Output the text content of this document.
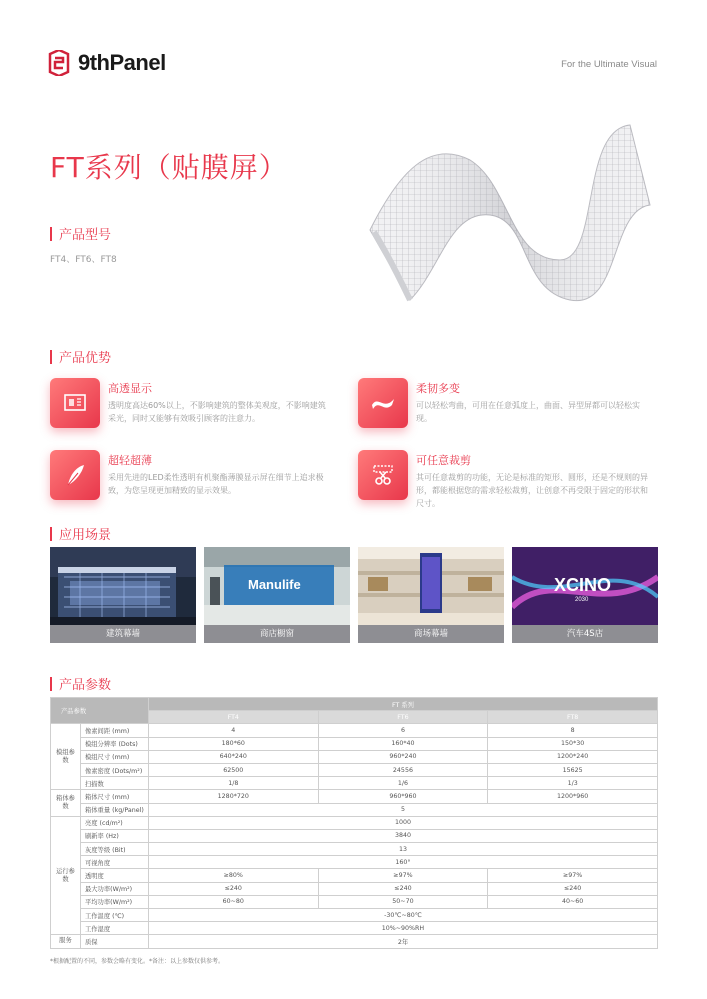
9thPanel	For the Ultimate Visual
FT系列（贴膜屏）
产品型号
FT4、FT6、FT8
产品优势
高透显示
透明度高达60%以上，不影响建筑的整体美观度，不影响建筑
采光，同时又能够有效吸引顾客的注意力。
柔韧多变
可以轻松弯曲，可用在任意弧度上，曲面、异型屏都可以轻松实
现。
超轻超薄
采用先进的LED柔性透明有机聚酯薄膜显示屏在细节上追求极
致，为您呈现更加精致的显示效果。
可任意裁剪
其可任意裁剪的功能，无论是标准的矩形、圆形，还是不规则的异
形，都能根据您的需求轻松裁剪，让创意不再受限于固定的形状和
尺寸。
应用场景
建筑幕墙
Manulife
商店橱窗	商场幕墙
XCINO
2030
汽车4S店
产品参数
产品参数		FT 系列		
		FT4	FT6	FT8
模组参数	像素间距 (mm)	4	6	8
	模组分辨率 (Dots)	180*60	160*40	150*30
	模组尺寸 (mm)	640*240	960*240	1200*240
	像素密度 (Dots/m²)	62500	24556	15625
	扫描数	1/8	1/6	1/3
箱体参数	箱体尺寸 (mm)	1280*720	960*960	1200*960
	箱体重量 (kg/Panel)	5		
运行参数	亮度 (cd/m²)	1000		
	刷新率 (Hz)	3840		
	灰度等级 (Bit)	13		
	可视角度	160°		
	透明度	≥80%	≥97%	≥97%
	最大功率(W/m²)	≤240	≤240	≤240
	平均功率(W/m²)	60~80	50~70	40~60
	工作温度 (℃)	-30℃~80℃		
	工作湿度	10%~90%RH		
服务	质保	2年		
*根据配置的不同，参数会略有变化。*备注：以上参数仅供参考。
